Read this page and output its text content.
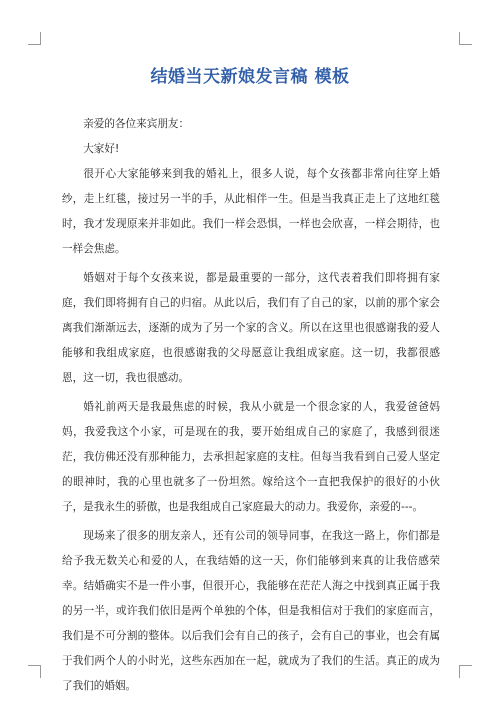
结婚当天新娘发言稿 模板

亲爱的各位来宾朋友：

大家好!

很开心大家能够来到我的婚礼上，很多人说，每个女孩都非常向往穿上婚纱，走上红毯，接过另一半的手，从此相伴一生。但是当我真正走上了这地红毯时，我才发现原来并非如此。我们一样会恐惧，一样也会欣喜，一样会期待，也一样会焦虑。

婚姻对于每个女孩来说，都是最重要的一部分，这代表着我们即将拥有家庭，我们即将拥有自己的归宿。从此以后，我们有了自己的家，以前的那个家会离我们渐渐远去，逐渐的成为了另一个家的含义。所以在这里也很感谢我的爱人能够和我组成家庭，也很感谢我的父母愿意让我组成家庭。这一切，我都很感恩，这一切，我也很感动。

婚礼前两天是我最焦虑的时候，我从小就是一个很念家的人，我爱爸爸妈妈，我爱我这个小家，可是现在的我，要开始组成自己的家庭了，我感到很迷茫，我仿佛还没有那种能力，去承担起家庭的支柱。但每当我看到自己爱人坚定的眼神时，我的心里也就多了一份坦然。嫁给这个一直把我保护的很好的小伙子，是我永生的骄傲，也是我组成自己家庭最大的动力。我爱你，亲爱的---。

现场来了很多的朋友亲人，还有公司的领导同事，在我这一路上，你们都是给予我无数关心和爱的人，在我结婚的这一天，你们能够到来真的让我倍感荣幸。结婚确实不是一件小事，但很开心，我能够在茫茫人海之中找到真正属于我的另一半，或许我们依旧是两个单独的个体，但是我相信对于我们的家庭而言，我们是不可分割的整体。以后我们会有自己的孩子，会有自己的事业，也会有属于我们两个人的小时光，这些东西加在一起，就成为了我们的生活。真正的成为了我们的婚姻。
